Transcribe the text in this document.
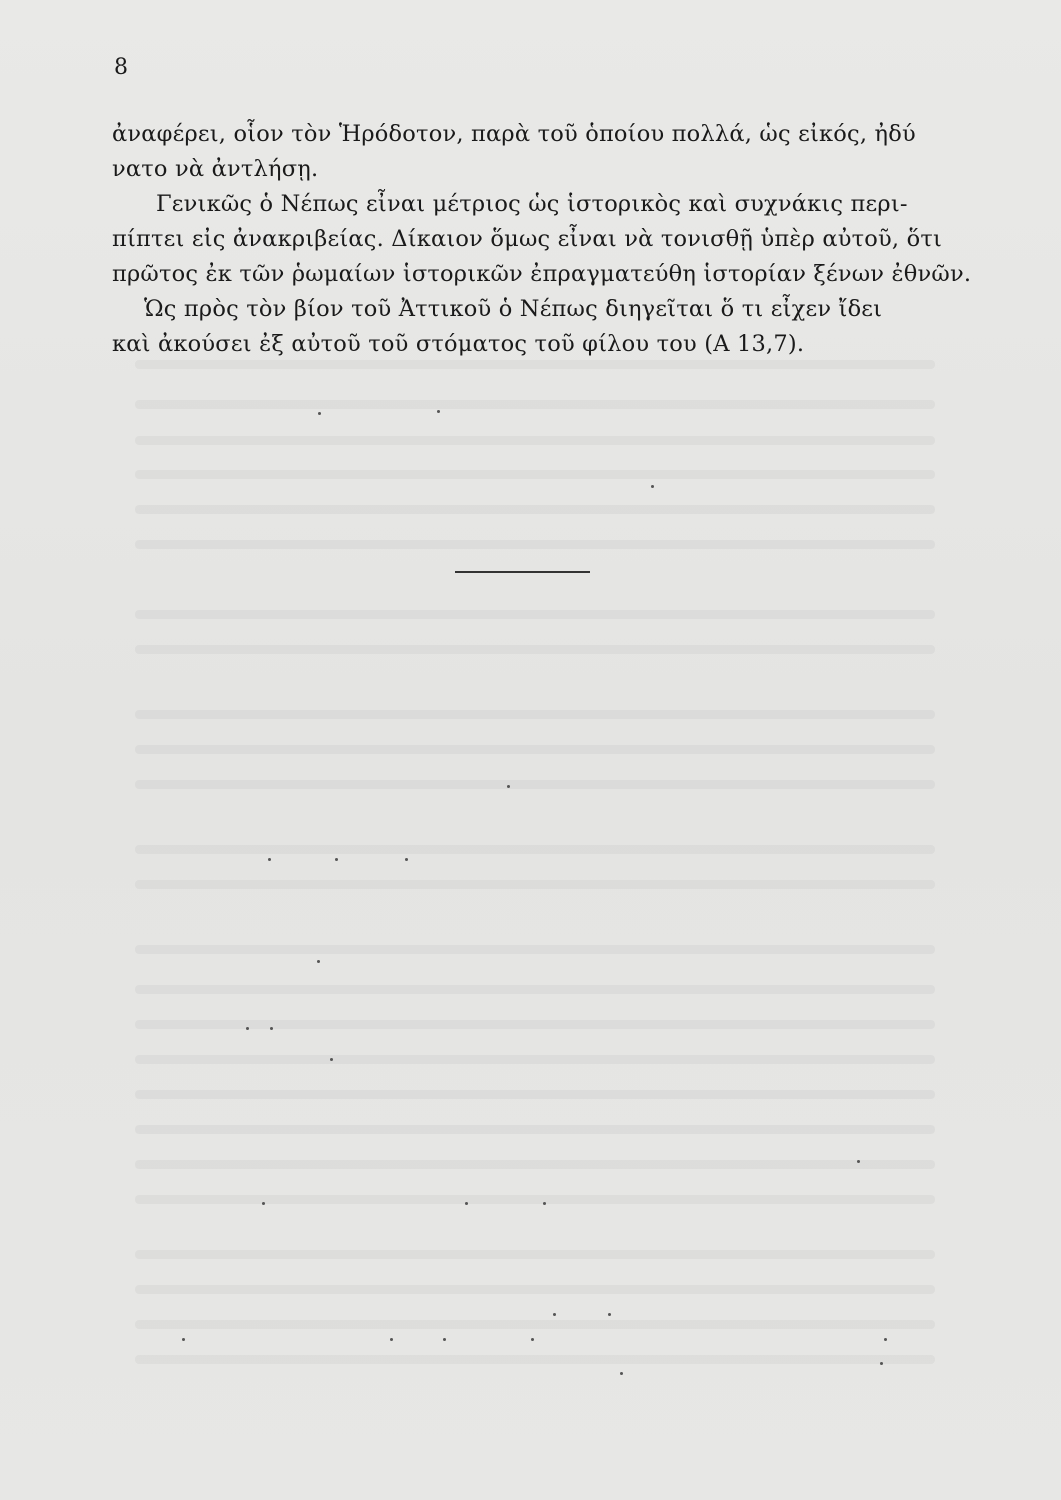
8
ἀναφέρει, οἷον τὸν Ἡρόδοτον, παρὰ τοῦ ὁποίου πολλά, ὡς εἰκός, ἠδύ
νατο νὰ ἀντλήσῃ.
Γενικῶς ὁ Νέπως εἶναι μέτριος ὡς ἱστορικὸς καὶ συχνάκις περι-
πίπτει εἰς ἀνακριβείας. Δίκαιον ὅμως εἶναι νὰ τονισθῇ ὑπὲρ αὐτοῦ, ὅτι
πρῶτος ἐκ τῶν ῥωμαίων ἱστορικῶν ἐπραγματεύθη ἱστορίαν ξένων ἐθνῶν.
Ὡς πρὸς τὸν βίον τοῦ Ἀττικοῦ ὁ Νέπως διηγεῖται ὅ τι εἶχεν ἴδει
καὶ ἀκούσει ἐξ αὐτοῦ τοῦ στόματος τοῦ φίλου του (Α 13,7).
